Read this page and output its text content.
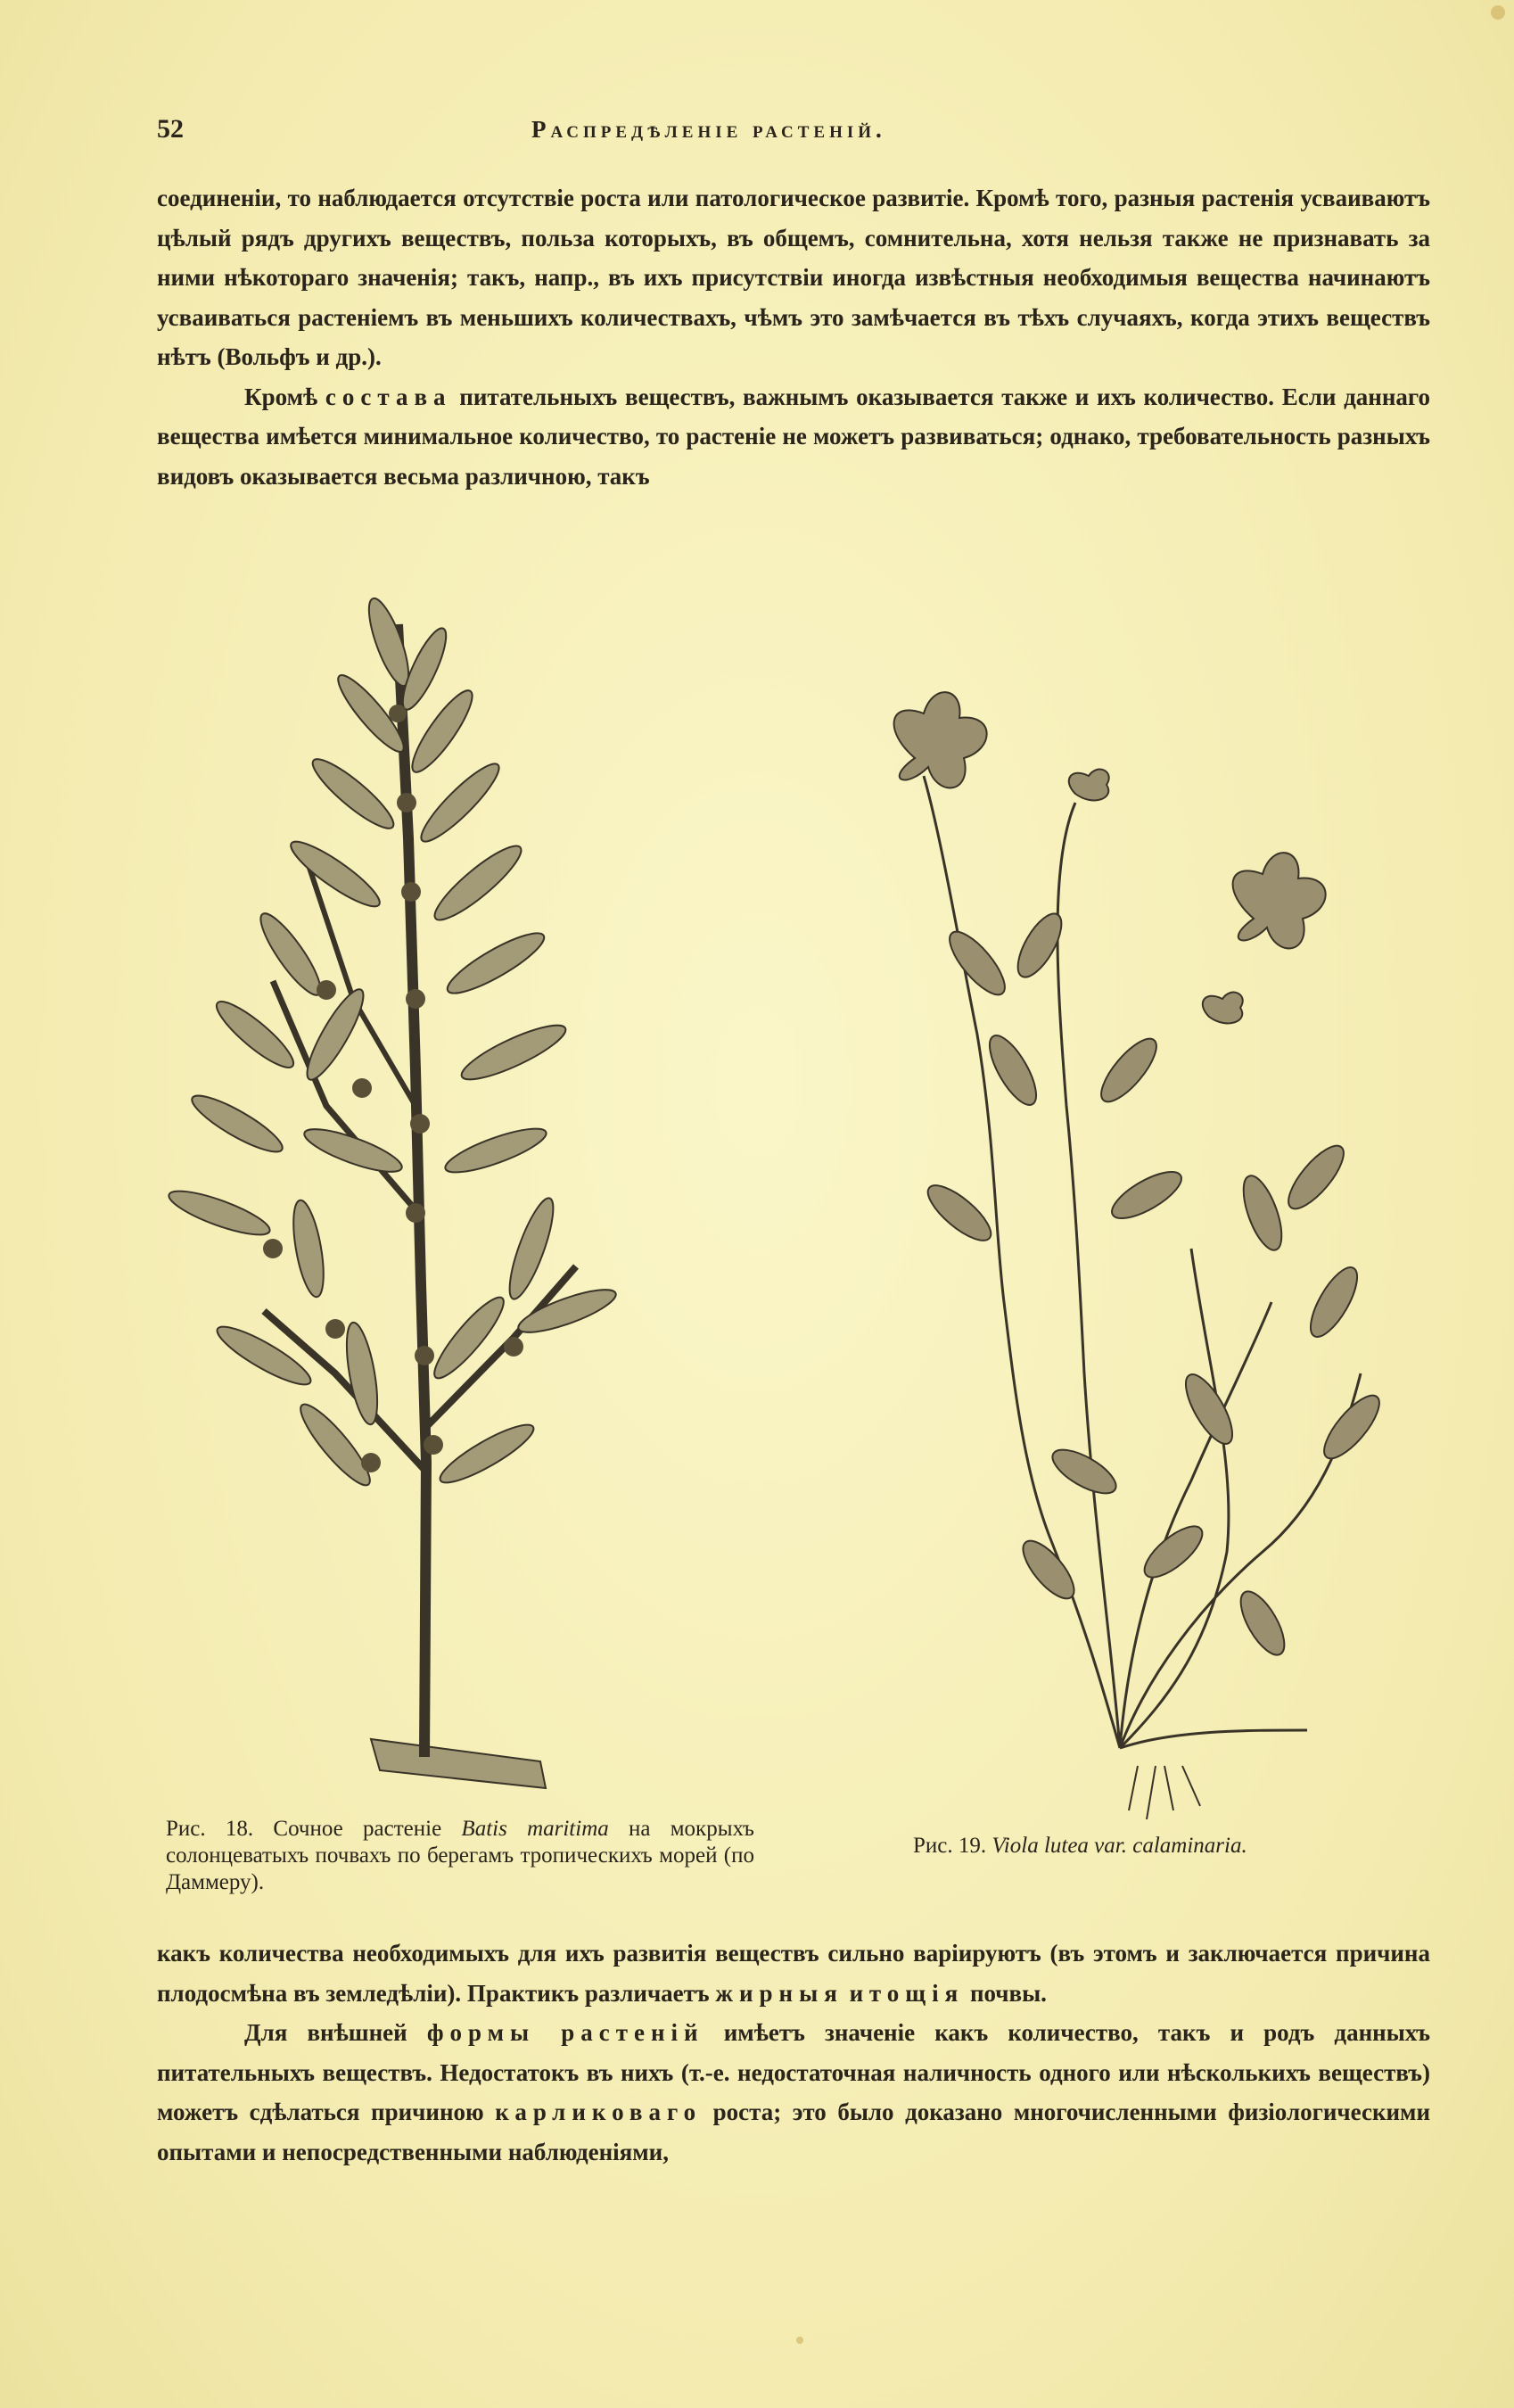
52	Распредѣленіе растеній.

соединеніи, то наблюдается отсутствіе роста или патологическое развитіе. Кромѣ того, разныя растенія усваиваютъ цѣлый рядъ другихъ веществъ, польза которыхъ, въ общемъ, сомнительна, хотя нельзя также не признавать за ними нѣкотораго значенія; такъ, напр., въ ихъ присутствіи иногда извѣстныя необходимыя вещества начинаютъ усваиваться растеніемъ въ меньшихъ количествахъ, чѣмъ это замѣчается въ тѣхъ случаяхъ, когда этихъ веществъ нѣтъ (Вольфъ и др.).

Кромѣ состава питательныхъ веществъ, важнымъ оказывается также и ихъ количество. Если даннаго вещества имѣется минимальное количество, то растеніе не можетъ развиваться; однако, требовательность разныхъ видовъ оказывается весьма различною, такъ

Рис. 18. Сочное растеніе Batis maritima на мокрыхъ солонцеватыхъ почвахъ по берегамъ тропическихъ морей (по Даммеру).
Рис. 19. Viola lutea var. calaminaria.

какъ количества необходимыхъ для ихъ развитія веществъ сильно варіируютъ (въ этомъ и заключается причина плодосмѣна въ земледѣліи). Практикъ различаетъ жирныя и тощія почвы.

Для внѣшней формы растеній имѣетъ значеніе какъ количество, такъ и родъ данныхъ питательныхъ веществъ. Недостатокъ въ нихъ (т.-е. недостаточная наличность одного или нѣсколькихъ веществъ) можетъ сдѣлаться причиною карликоваго роста; это было доказано многочисленными физіологическими опытами и непосредственными наблюденіями,
